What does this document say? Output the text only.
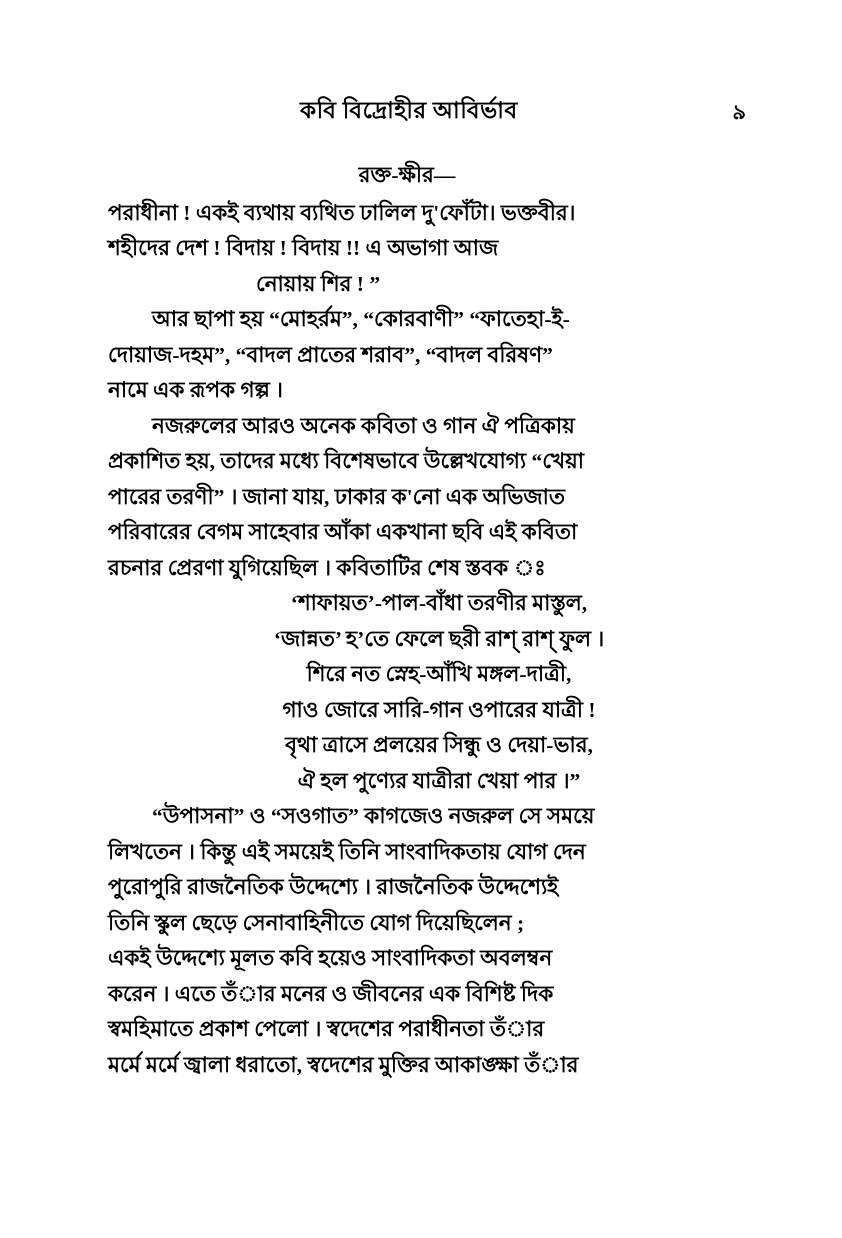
কবি বিদ্রোহীর আবির্ভাব	৯
রক্ত-ক্ষীর—
পরাধীনা ! একই ব্যথায় ব্যথিত ঢালিল দু'ফোঁটা। ভক্তবীর।
শহীদের দেশ ! বিদায় ! বিদায় !! এ অভাগা আজ
নোয়ায় শির ! ”
আর ছাপা হয় “মোহর্রম”, “কোরবাণী” “ফাতেহা-ই-
দোয়াজ-দহম”, “বাদল প্রাতের শরাব”, “বাদল বরিষণ”
নামে এক রূপক গল্প ।
নজরুলের আরও অনেক কবিতা ও গান ঐ পত্রিকায়
প্রকাশিত হয়, তাদের মধ্যে বিশেষভাবে উল্লেখযোগ্য “খেয়া
পারের তরণী” । জানা যায়, ঢাকার ক'নো এক অভিজাত
পরিবারের বেগম সাহেবার আঁকা একখানা ছবি এই কবিতা
রচনার প্রেরণা যুগিয়েছিল । কবিতাটির শেষ স্তবক ঃ
‘শাফায়ত’-পাল-বাঁধা তরণীর মাস্তুল,
‘জান্নত’ হ’তে ফেলে ছরী রাশ্ রাশ্ ফুল ।
শিরে নত স্নেহ-আঁখি মঙ্গল-দাত্রী,
গাও জোরে সারি-গান ওপারের যাত্রী !
বৃথা ত্রাসে প্রলয়ের সিন্ধু ও দেয়া-ভার,
ঐ হল পুণ্যের যাত্রীরা খেয়া পার ।”
“উপাসনা” ও “সওগাত” কাগজেও নজরুল সে সময়ে
লিখতেন । কিন্তু এই সময়েই তিনি সাংবাদিকতায় যোগ দেন
পুরোপুরি রাজনৈতিক উদ্দেশ্যে । রাজনৈতিক উদ্দেশ্যেই
তিনি স্কুল ছেড়ে সেনাবাহিনীতে যোগ দিয়েছিলেন ;
একই উদ্দেশ্যে মূলত কবি হয়েও সাংবাদিকতা অবলম্বন
করেন । এতে তঁার মনের ও জীবনের এক বিশিষ্ট দিক
স্বমহিমাতে প্রকাশ পেলো । স্বদেশের পরাধীনতা তঁার
মর্মে মর্মে জ্বালা ধরাতো, স্বদেশের মুক্তির আকাঙ্ক্ষা তঁার
